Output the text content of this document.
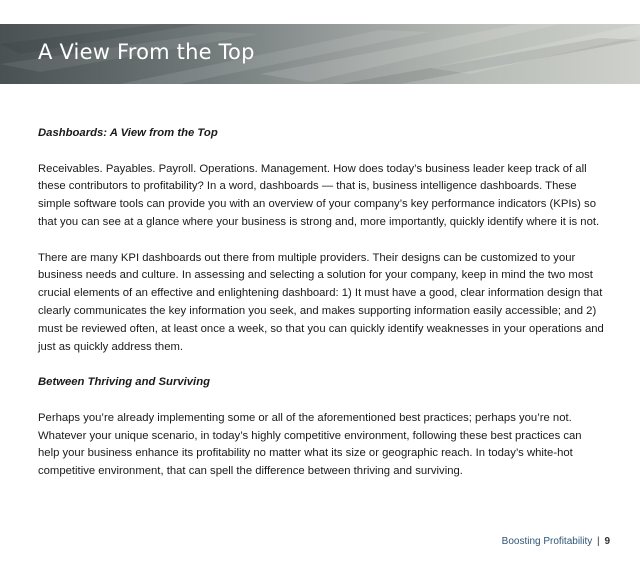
A View From the Top

Dashboards: A View from the Top

Receivables. Payables. Payroll. Operations. Management. How does today’s business leader keep track of all these contributors to profitability? In a word, dashboards — that is, business intelligence dashboards. These simple software tools can provide you with an overview of your company’s key performance indicators (KPIs) so that you can see at a glance where your business is strong and, more importantly, quickly identify where it is not.

There are many KPI dashboards out there from multiple providers. Their designs can be customized to your business needs and culture. In assessing and selecting a solution for your company, keep in mind the two most crucial elements of an effective and enlightening dashboard: 1) It must have a good, clear information design that clearly communicates the key information you seek, and makes supporting information easily accessible; and 2) must be reviewed often, at least once a week, so that you can quickly identify weaknesses in your operations and just as quickly address them.

Between Thriving and Surviving

Perhaps you’re already implementing some or all of the aforementioned best practices; perhaps you’re not. Whatever your unique scenario, in today’s highly competitive environment, following these best practices can help your business enhance its profitability no matter what its size or geographic reach. In today’s white-hot competitive environment, that can spell the difference between thriving and surviving.

Boosting Profitability | 9
